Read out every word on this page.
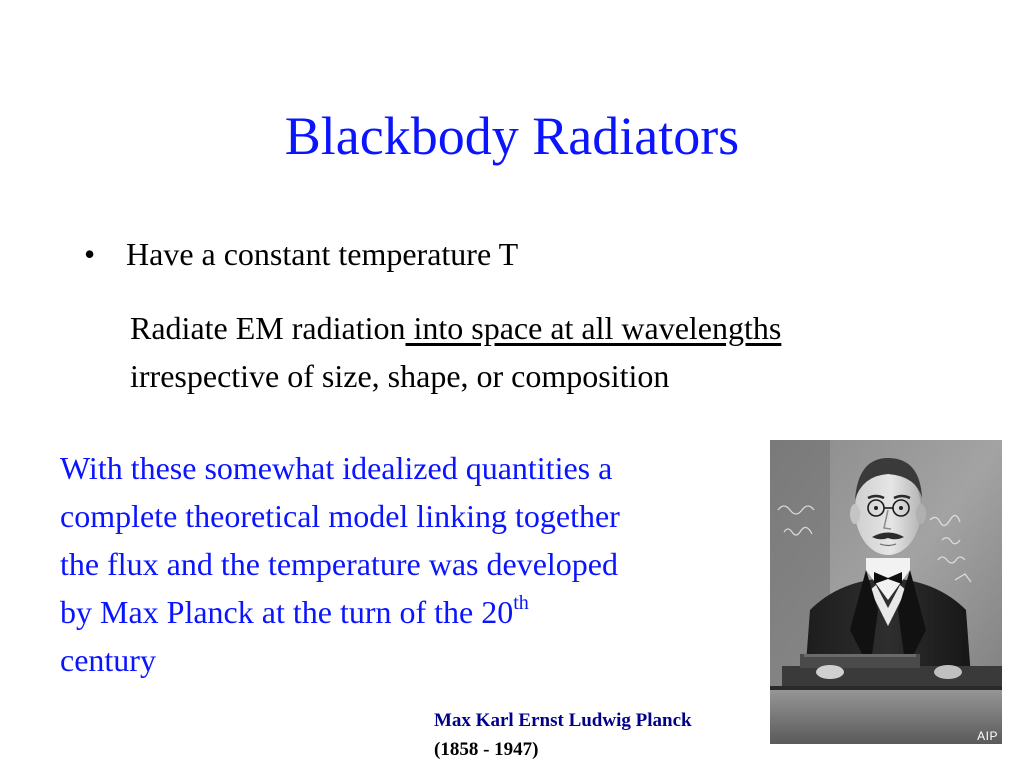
Blackbody Radiators
• Have a constant temperature T
Radiate EM radiation into space at all wavelengths
irrespective of size, shape, or composition
With these somewhat idealized quantities a
complete theoretical model linking together
the flux and the temperature was developed
by Max Planck at the turn of the 20th
century
AIP
Max Karl Ernst Ludwig Planck
(1858 - 1947)
